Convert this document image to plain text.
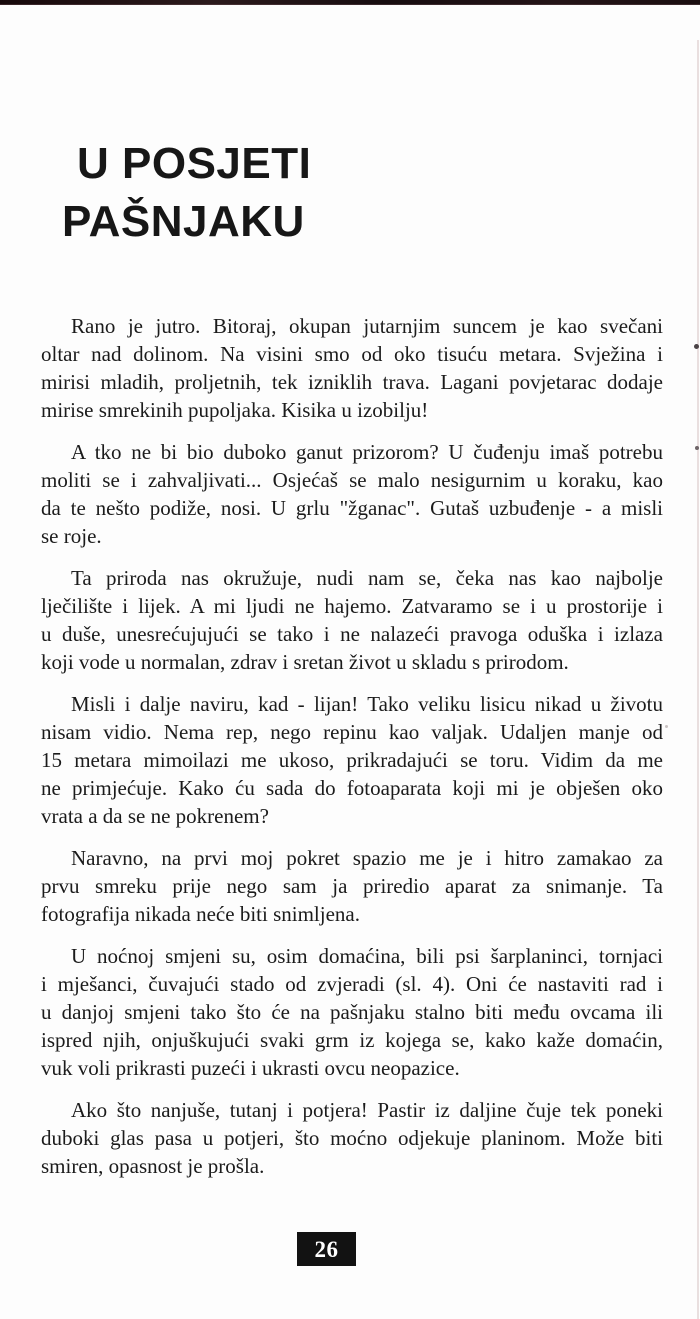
U POSJETI
PAŠNJAKU
Rano je jutro. Bitoraj, okupan jutarnjim suncem je kao svečani
oltar nad dolinom. Na visini smo od oko tisuću metara. Svježina i
mirisi mladih, proljetnih, tek izniklih trava. Lagani povjetarac dodaje
mirise smrekinih pupoljaka. Kisika u izobilju!
A tko ne bi bio duboko ganut prizorom? U čuđenju imaš potrebu
moliti se i zahvaljivati... Osjećaš se malo nesigurnim u koraku, kao
da te nešto podiže, nosi. U grlu "žganac". Gutaš uzbuđenje - a misli
se roje.
Ta priroda nas okružuje, nudi nam se, čeka nas kao najbolje
lječilište i lijek. A mi ljudi ne hajemo. Zatvaramo se i u prostorije i
u duše, unesrećujujući se tako i ne nalazeći pravoga oduška i izlaza
koji vode u normalan, zdrav i sretan život u skladu s prirodom.
Misli i dalje naviru, kad - lijan! Tako veliku lisicu nikad u životu
nisam vidio. Nema rep, nego repinu kao valjak. Udaljen manje od
15 metara mimoilazi me ukoso, prikradajući se toru. Vidim da me
ne primjećuje. Kako ću sada do fotoaparata koji mi je obješen oko
vrata a da se ne pokrenem?
Naravno, na prvi moj pokret spazio me je i hitro zamakao za
prvu smreku prije nego sam ja priredio aparat za snimanje. Ta
fotografija nikada neće biti snimljena.
U noćnoj smjeni su, osim domaćina, bili psi šarplaninci, tornjaci
i mješanci, čuvajući stado od zvjeradi (sl. 4). Oni će nastaviti rad i
u danjoj smjeni tako što će na pašnjaku stalno biti među ovcama ili
ispred njih, onjuškujući svaki grm iz kojega se, kako kaže domaćin,
vuk voli prikrasti puzeći i ukrasti ovcu neopazice.
Ako što nanjuše, tutanj i potjera! Pastir iz daljine čuje tek poneki
duboki glas pasa u potjeri, što moćno odjekuje planinom. Može biti
smiren, opasnost je prošla.
26
